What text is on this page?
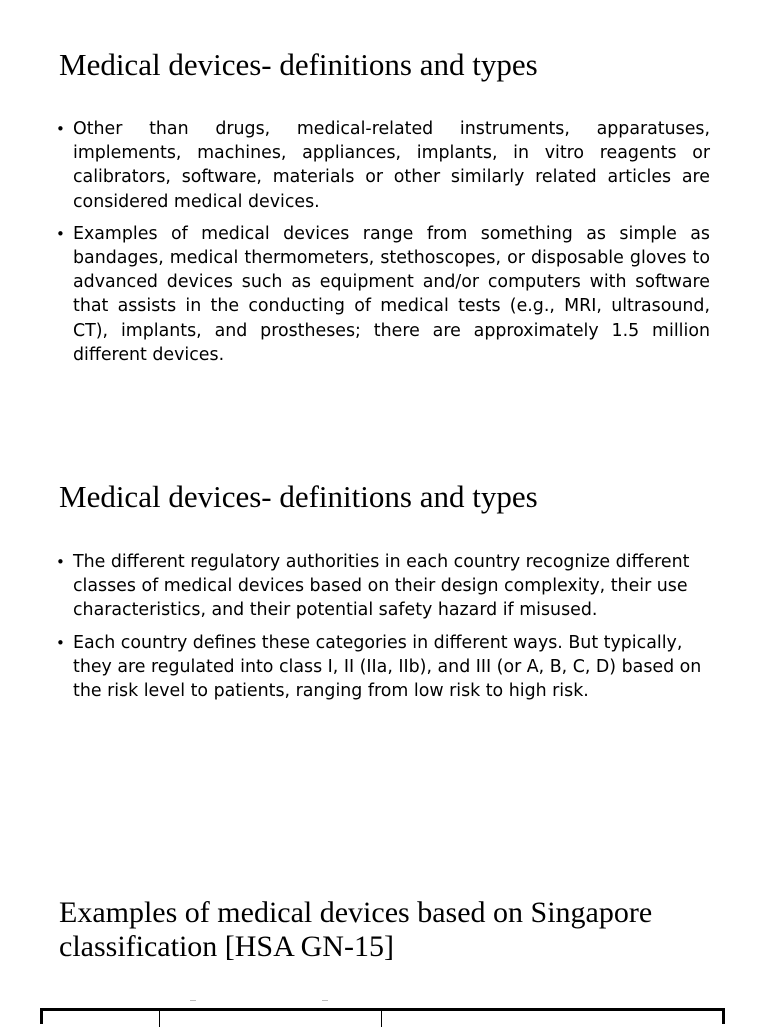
Medical devices- definitions and types
• Other than drugs, medical-related instruments, apparatuses, implements, machines, appliances, implants, in vitro reagents or calibrators, software, materials or other similarly related articles are considered medical devices.
• Examples of medical devices range from something as simple as bandages, medical thermometers, stethoscopes, or disposable gloves to advanced devices such as equipment and/or computers with software that assists in the conducting of medical tests (e.g., MRI, ultrasound, CT), implants, and prostheses; there are approximately 1.5 million different devices.
Medical devices- definitions and types
• The different regulatory authorities in each country recognize different classes of medical devices based on their design complexity, their use characteristics, and their potential safety hazard if misused.
• Each country defines these categories in different ways. But typically, they are regulated into class I, II (IIa, IIb), and III (or A, B, C, D) based on the risk level to patients, ranging from low risk to high risk.
Examples of medical devices based on Singapore classification [HSA GN-15]
